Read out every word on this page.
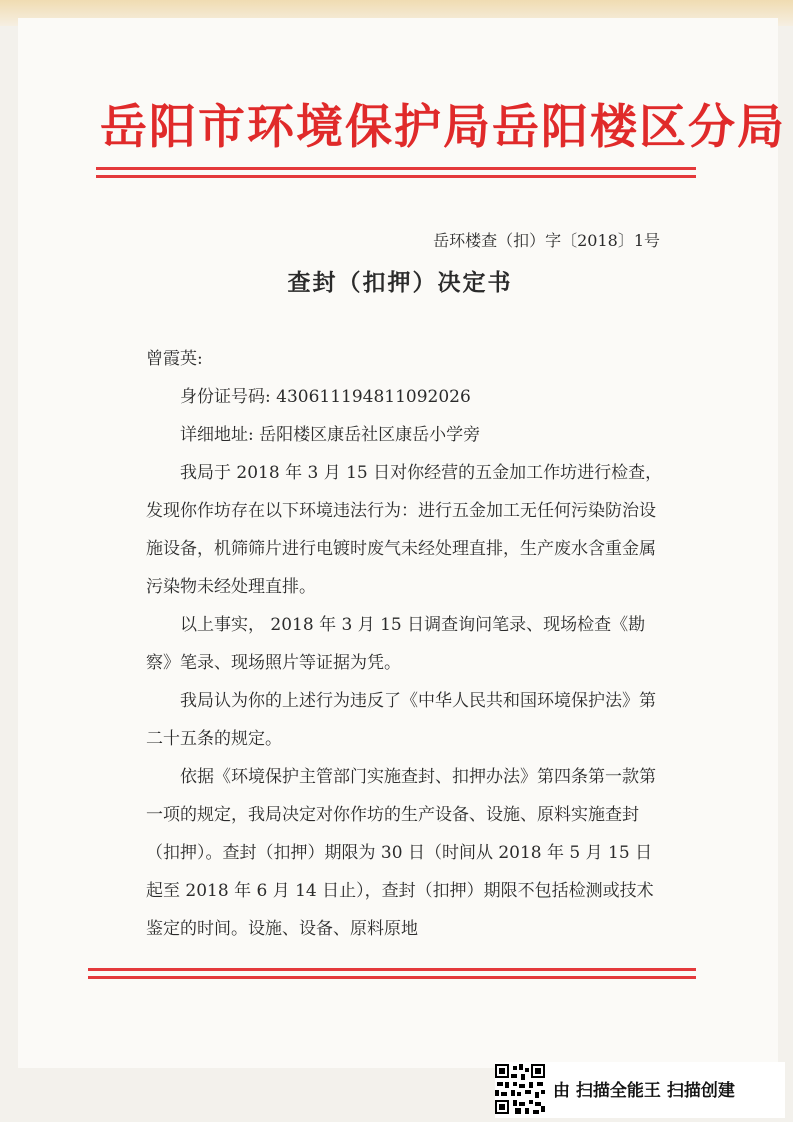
岳阳市环境保护局岳阳楼区分局
岳环楼查（扣）字〔2018〕1号
查封（扣押）决定书

曾霞英:

身份证号码: 430611194811092026

详细地址: 岳阳楼区康岳社区康岳小学旁

我局于 2018 年 3 月 15 日对你经营的五金加工作坊进行检查，发现你作坊存在以下环境违法行为：进行五金加工无任何污染防治设施设备，机筛筛片进行电镀时废气未经处理直排，生产废水含重金属污染物未经处理直排。

以上事实， 2018 年 3 月 15 日调查询问笔录、现场检查《勘察》笔录、现场照片等证据为凭。

我局认为你的上述行为违反了《中华人民共和国环境保护法》第二十五条的规定。

依据《环境保护主管部门实施查封、扣押办法》第四条第一款第一项的规定，我局决定对你作坊的生产设备、设施、原料实施查封（扣押）。查封（扣押）期限为 30 日（时间从 2018 年 5 月 15 日起至 2018 年 6 月 14 日止），查封（扣押）期限不包括检测或技术鉴定的时间。设施、设备、原料原地

由 扫描全能王 扫描创建
